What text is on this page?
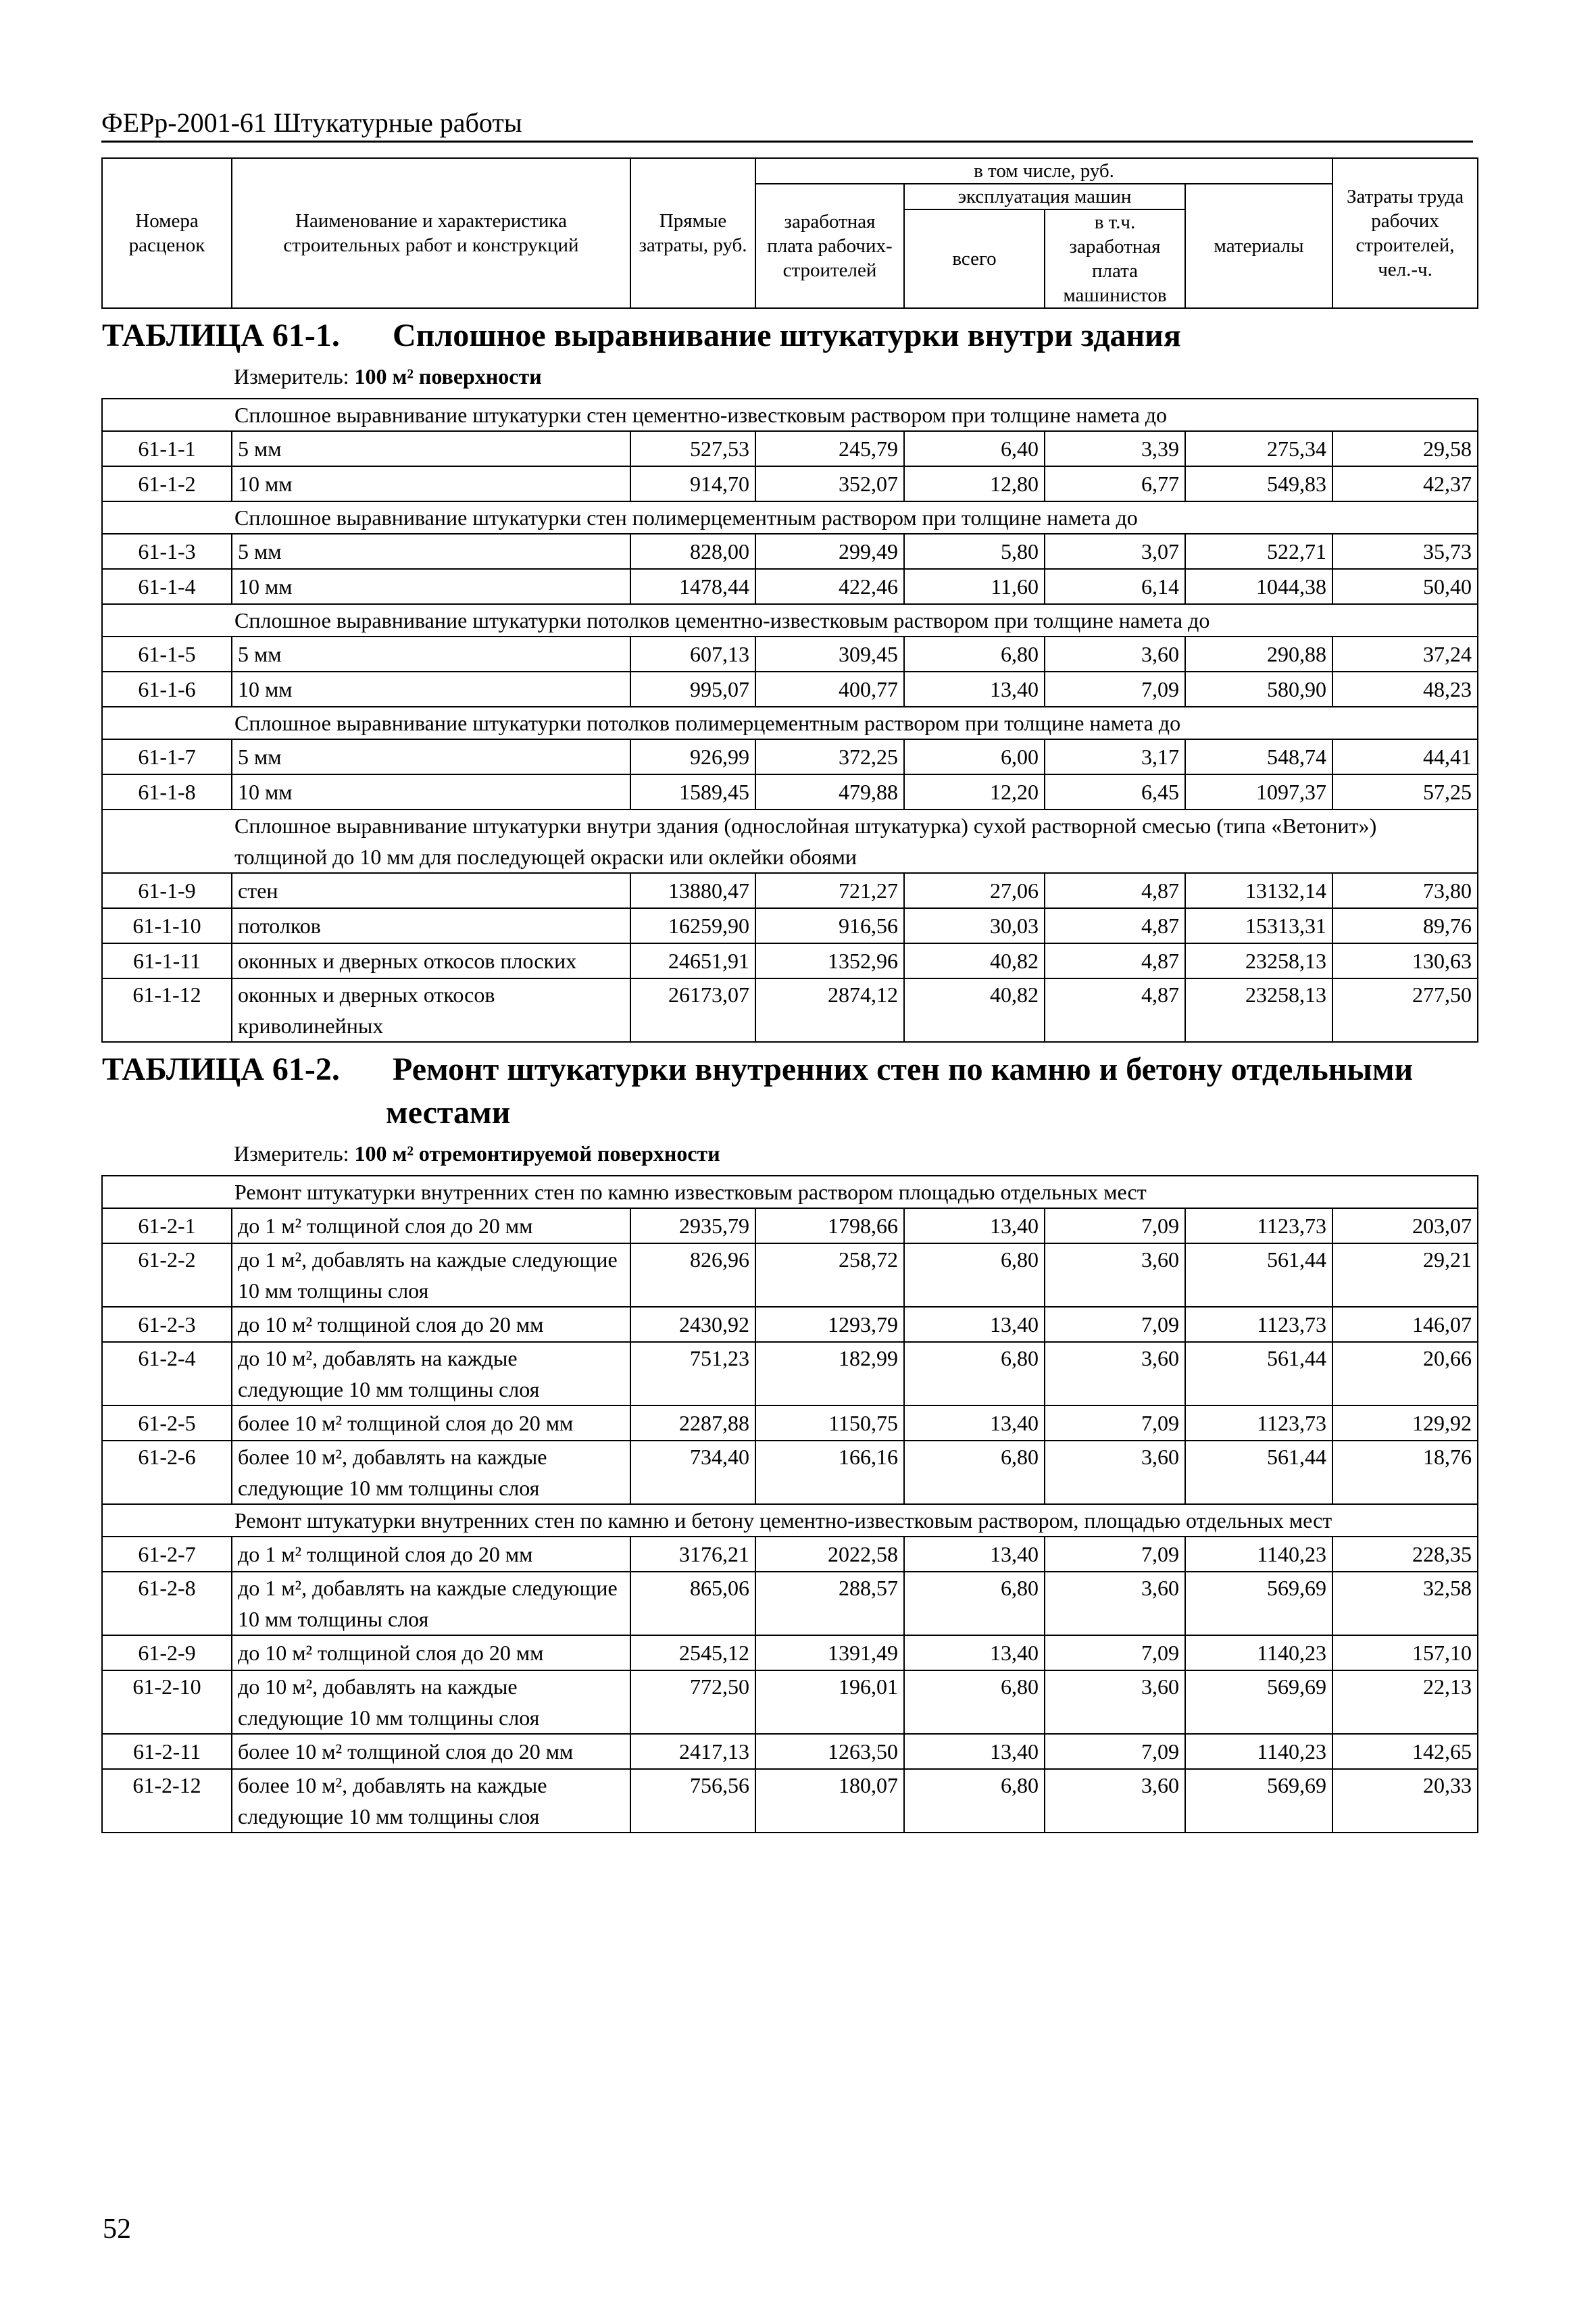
ФЕРр-2001-61 Штукатурные работы
Номера расценок	Наименование и характеристика строительных работ и конструкций	Прямые затраты, руб.	в том числе, руб.				Затраты труда рабочих строителей, чел.-ч.
			заработная плата рабочих-строителей	эксплуатация машин		материалы	
				всего	в т.ч. заработная плата машинистов		

ТАБЛИЦА 61-1. Сплошное выравнивание штукатурки внутри здания
Измеритель: 100 м² поверхности							

Сплошное выравнивание штукатурки стен цементно-известковым раствором при толщине намета до							
61-1-1	5 мм	527,53	245,79	6,40	3,39	275,34	29,58
61-1-2	10 мм	914,70	352,07	12,80	6,77	549,83	42,37
Сплошное выравнивание штукатурки стен полимерцементным раствором при толщине намета до							
61-1-3	5 мм	828,00	299,49	5,80	3,07	522,71	35,73
61-1-4	10 мм	1478,44	422,46	11,60	6,14	1044,38	50,40
Сплошное выравнивание штукатурки потолков цементно-известковым раствором при толщине намета до							
61-1-5	5 мм	607,13	309,45	6,80	3,60	290,88	37,24
61-1-6	10 мм	995,07	400,77	13,40	7,09	580,90	48,23
Сплошное выравнивание штукатурки потолков полимерцементным раствором при толщине намета до							
61-1-7	5 мм	926,99	372,25	6,00	3,17	548,74	44,41
61-1-8	10 мм	1589,45	479,88	12,20	6,45	1097,37	57,25
Сплошное выравнивание штукатурки внутри здания (однослойная штукатурка) сухой растворной смесью (типа «Ветонит») толщиной до 10 мм для последующей окраски или оклейки обоями							
61-1-9	стен	13880,47	721,27	27,06	4,87	13132,14	73,80
61-1-10	потолков	16259,90	916,56	30,03	4,87	15313,31	89,76
61-1-11	оконных и дверных откосов плоских	24651,91	1352,96	40,82	4,87	23258,13	130,63
61-1-12	оконных и дверных откосов криволинейных	26173,07	2874,12	40,82	4,87	23258,13	277,50

ТАБЛИЦА 61-2. Ремонт штукатурки внутренних стен по камню и бетону отдельными
местами
Измеритель: 100 м² отремонтируемой поверхности							

Ремонт штукатурки внутренних стен по камню известковым раствором площадью отдельных мест							
61-2-1	до 1 м² толщиной слоя до 20 мм	2935,79	1798,66	13,40	7,09	1123,73	203,07
61-2-2	до 1 м², добавлять на каждые следующие 10 мм толщины слоя	826,96	258,72	6,80	3,60	561,44	29,21
61-2-3	до 10 м² толщиной слоя до 20 мм	2430,92	1293,79	13,40	7,09	1123,73	146,07
61-2-4	до 10 м², добавлять на каждые следующие 10 мм толщины слоя	751,23	182,99	6,80	3,60	561,44	20,66
61-2-5	более 10 м² толщиной слоя до 20 мм	2287,88	1150,75	13,40	7,09	1123,73	129,92
61-2-6	более 10 м², добавлять на каждые следующие 10 мм толщины слоя	734,40	166,16	6,80	3,60	561,44	18,76
Ремонт штукатурки внутренних стен по камню и бетону цементно-известковым раствором, площадью отдельных мест							
61-2-7	до 1 м² толщиной слоя до 20 мм	3176,21	2022,58	13,40	7,09	1140,23	228,35
61-2-8	до 1 м², добавлять на каждые следующие 10 мм толщины слоя	865,06	288,57	6,80	3,60	569,69	32,58
61-2-9	до 10 м² толщиной слоя до 20 мм	2545,12	1391,49	13,40	7,09	1140,23	157,10
61-2-10	до 10 м², добавлять на каждые следующие 10 мм толщины слоя	772,50	196,01	6,80	3,60	569,69	22,13
61-2-11	более 10 м² толщиной слоя до 20 мм	2417,13	1263,50	13,40	7,09	1140,23	142,65
61-2-12	более 10 м², добавлять на каждые следующие 10 мм толщины слоя	756,56	180,07	6,80	3,60	569,69	20,33
52
